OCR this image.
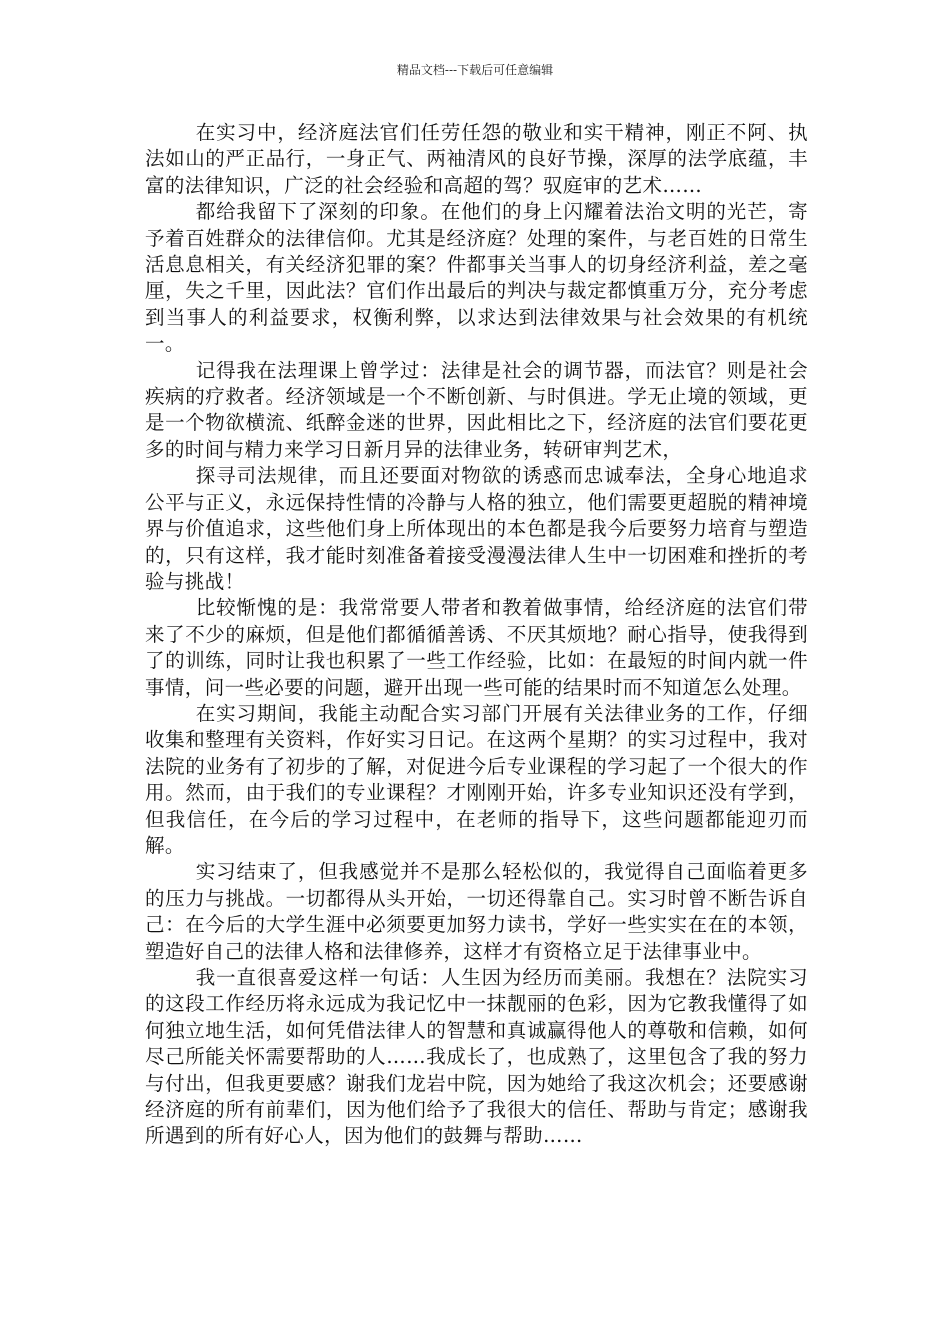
精品文档---下载后可任意编辑

在实习中，经济庭法官们任劳任怨的敬业和实干精神，刚正不阿、执法如山的严正品行，一身正气、两袖清风的良好节操，深厚的法学底蕴，丰富的法律知识，广泛的社会经验和高超的驾？驭庭审的艺术……

都给我留下了深刻的印象。在他们的身上闪耀着法治文明的光芒，寄予着百姓群众的法律信仰。尤其是经济庭？处理的案件，与老百姓的日常生活息息相关，有关经济犯罪的案？件都事关当事人的切身经济利益，差之毫厘，失之千里，因此法？官们作出最后的判决与裁定都慎重万分，充分考虑到当事人的利益要求，权衡利弊，以求达到法律效果与社会效果的有机统一。

记得我在法理课上曾学过：法律是社会的调节器，而法官？则是社会疾病的疗救者。经济领域是一个不断创新、与时俱进。学无止境的领域，更是一个物欲横流、纸醉金迷的世界，因此相比之下，经济庭的法官们要花更多的时间与精力来学习日新月异的法律业务，转研审判艺术，

探寻司法规律，而且还要面对物欲的诱惑而忠诚奉法，全身心地追求公平与正义，永远保持性情的冷静与人格的独立，他们需要更超脱的精神境界与价值追求，这些他们身上所体现出的本色都是我今后要努力培育与塑造的，只有这样，我才能时刻准备着接受漫漫法律人生中一切困难和挫折的考验与挑战！

比较惭愧的是：我常常要人带者和教着做事情，给经济庭的法官们带来了不少的麻烦，但是他们都循循善诱、不厌其烦地？耐心指导，使我得到了的训练，同时让我也积累了一些工作经验，比如：在最短的时间内就一件事情，问一些必要的问题，避开出现一些可能的结果时而不知道怎么处理。

在实习期间，我能主动配合实习部门开展有关法律业务的工作，仔细收集和整理有关资料，作好实习日记。在这两个星期？的实习过程中，我对法院的业务有了初步的了解，对促进今后专业课程的学习起了一个很大的作用。然而，由于我们的专业课程？才刚刚开始，许多专业知识还没有学到，但我信任，在今后的学习过程中，在老师的指导下，这些问题都能迎刃而解。

实习结束了，但我感觉并不是那么轻松似的，我觉得自己面临着更多的压力与挑战。一切都得从头开始，一切还得靠自己。实习时曾不断告诉自己：在今后的大学生涯中必须要更加努力读书，学好一些实实在在的本领，塑造好自己的法律人格和法律修养，这样才有资格立足于法律事业中。

我一直很喜爱这样一句话：人生因为经历而美丽。我想在？法院实习的这段工作经历将永远成为我记忆中一抹靓丽的色彩，因为它教我懂得了如何独立地生活，如何凭借法律人的智慧和真诚赢得他人的尊敬和信赖，如何尽己所能关怀需要帮助的人……我成长了，也成熟了，这里包含了我的努力与付出，但我更要感？谢我们龙岩中院，因为她给了我这次机会；还要感谢经济庭的所有前辈们，因为他们给予了我很大的信任、帮助与肯定；感谢我所遇到的所有好心人，因为他们的鼓舞与帮助……
